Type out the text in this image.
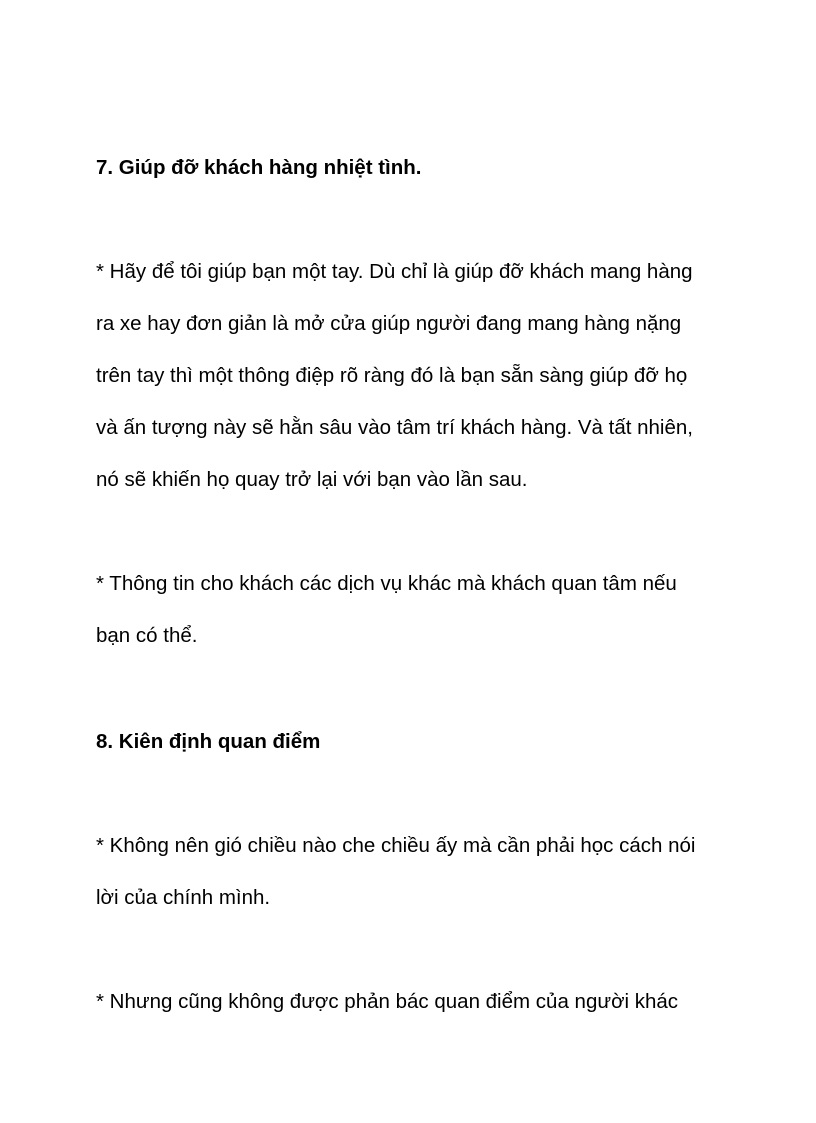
7. Giúp đỡ khách hàng nhiệt tình.

* Hãy để tôi giúp bạn một tay. Dù chỉ là giúp đỡ khách mang hàng

ra xe hay đơn giản là mở cửa giúp người đang mang hàng nặng

trên tay thì một thông điệp rõ ràng đó là bạn sẵn sàng giúp đỡ họ

và ấn tượng này sẽ hằn sâu vào tâm trí khách hàng. Và tất nhiên,

nó sẽ khiến họ quay trở lại với bạn vào lần sau.

* Thông tin cho khách các dịch vụ khác mà khách quan tâm nếu

bạn có thể.

8. Kiên định quan điểm

* Không nên gió chiều nào che chiều ấy mà cần phải học cách nói

lời của chính mình.

* Nhưng cũng không được phản bác quan điểm của người khác
